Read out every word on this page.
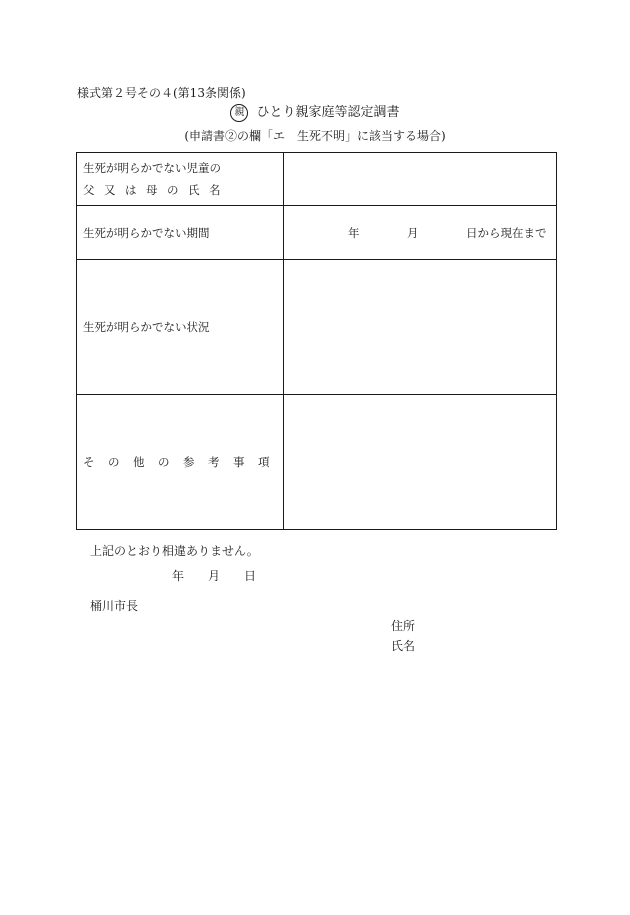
様式第２号その４(第13条関係)
親 ひとり親家庭等認定調書
(申請書②の欄「エ　生死不明」に該当する場合)
生死が明らかでない児童の
父又は母の氏名	

生死が明らかでない期間	年 月 日から現在まで

生死が明らかでない状況	

その他の参考事項	

上記のとおり相違ありません。
年 月 日
桶川市長
住所
氏名
